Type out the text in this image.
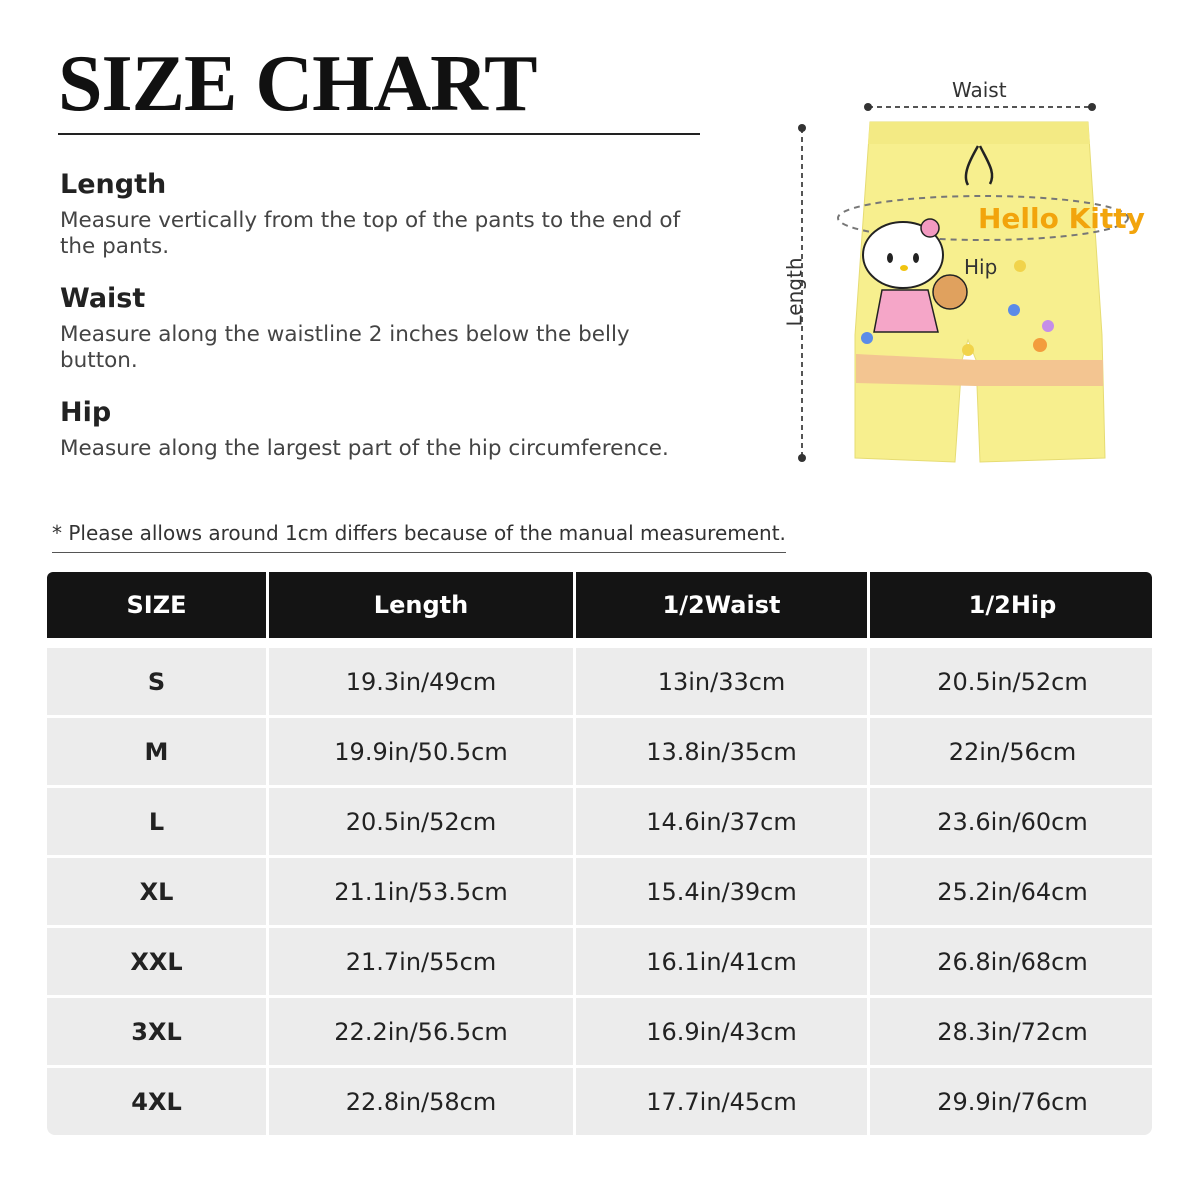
SIZE CHART
Length

Measure vertically from the top of the pants to the end of the pants.

Waist

Measure along the waistline 2 inches below the belly button.

Hip

Measure along the largest part of the hip circumference.

* Please allows around 1cm differs because of the manual measurement.
Hello Kitty
Waist
Hip
Length
SIZE	Length	1/2Waist	1/2Hip
S	19.3in/49cm	13in/33cm	20.5in/52cm
M	19.9in/50.5cm	13.8in/35cm	22in/56cm
L	20.5in/52cm	14.6in/37cm	23.6in/60cm
XL	21.1in/53.5cm	15.4in/39cm	25.2in/64cm
XXL	21.7in/55cm	16.1in/41cm	26.8in/68cm
3XL	22.2in/56.5cm	16.9in/43cm	28.3in/72cm
4XL	22.8in/58cm	17.7in/45cm	29.9in/76cm
